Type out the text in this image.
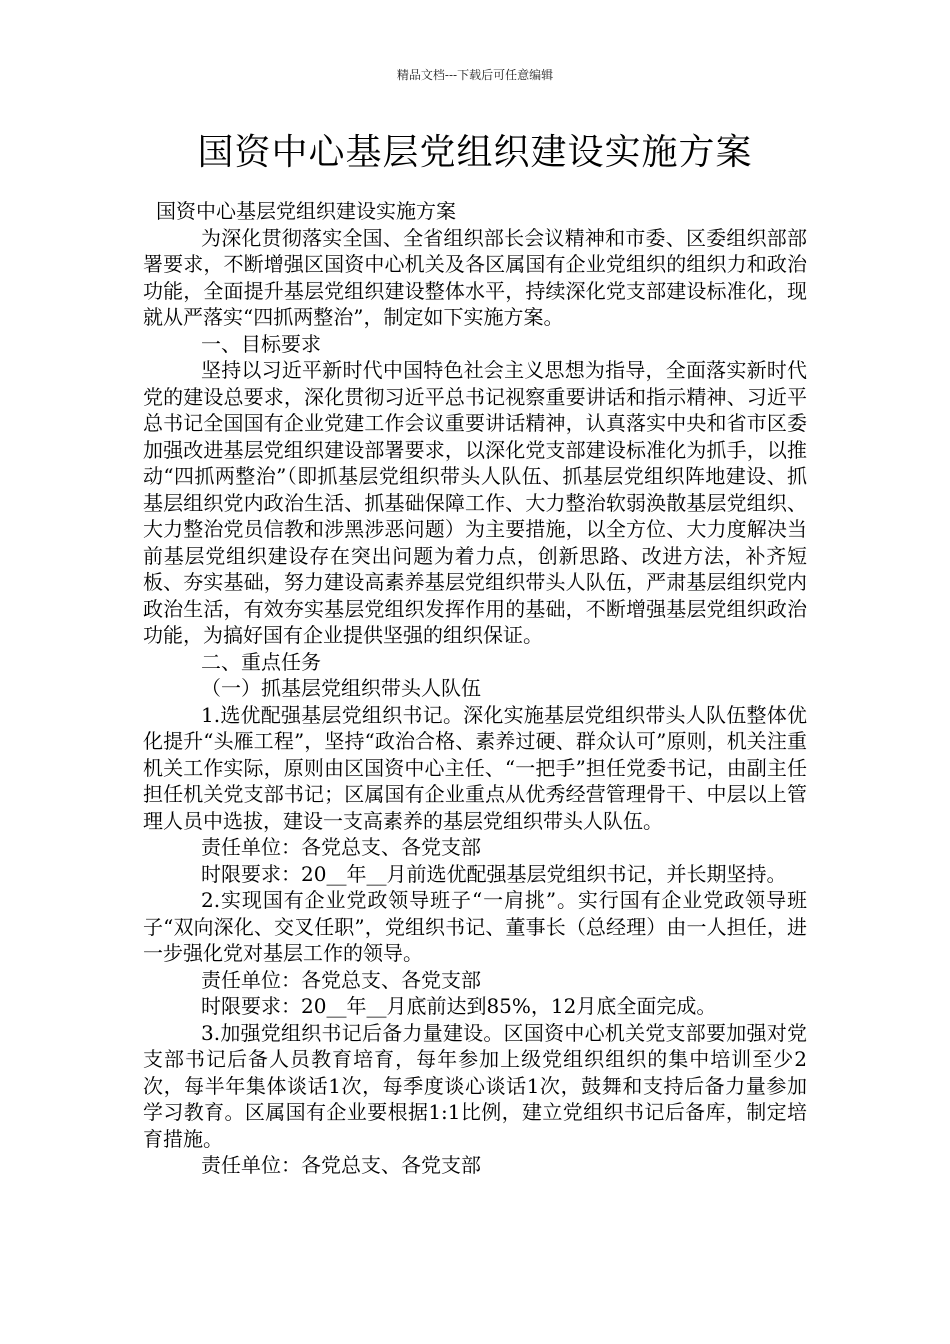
精品文档---下载后可任意编辑
国资中心基层党组织建设实施方案

国资中心基层党组织建设实施方案

为深化贯彻落实全国、全省组织部长会议精神和市委、区委组织部部署要求，不断增强区国资中心机关及各区属国有企业党组织的组织力和政治功能，全面提升基层党组织建设整体水平，持续深化党支部建设标准化，现就从严落实“四抓两整治”，制定如下实施方案。

一、目标要求

坚持以习近平新时代中国特色社会主义思想为指导，全面落实新时代党的建设总要求，深化贯彻习近平总书记视察重要讲话和指示精神、习近平总书记全国国有企业党建工作会议重要讲话精神，认真落实中央和省市区委加强改进基层党组织建设部署要求，以深化党支部建设标准化为抓手，以推动“四抓两整治”（即抓基层党组织带头人队伍、抓基层党组织阵地建设、抓基层组织党内政治生活、抓基础保障工作、大力整治软弱涣散基层党组织、大力整治党员信教和涉黑涉恶问题）为主要措施，以全方位、大力度解决当前基层党组织建设存在突出问题为着力点，创新思路、改进方法，补齐短板、夯实基础，努力建设高素养基层党组织带头人队伍，严肃基层组织党内政治生活，有效夯实基层党组织发挥作用的基础，不断增强基层党组织政治功能，为搞好国有企业提供坚强的组织保证。

二、重点任务

（一）抓基层党组织带头人队伍

1.选优配强基层党组织书记。深化实施基层党组织带头人队伍整体优化提升“头雁工程”，坚持“政治合格、素养过硬、群众认可”原则，机关注重机关工作实际，原则由区国资中心主任、“一把手”担任党委书记，由副主任担任机关党支部书记；区属国有企业重点从优秀经营管理骨干、中层以上管理人员中选拔，建设一支高素养的基层党组织带头人队伍。

责任单位：各党总支、各党支部

时限要求：20__年__月前选优配强基层党组织书记，并长期坚持。

2.实现国有企业党政领导班子“一肩挑”。实行国有企业党政领导班子“双向深化、交叉任职”，党组织书记、董事长（总经理）由一人担任，进一步强化党对基层工作的领导。

责任单位：各党总支、各党支部

时限要求：20__年__月底前达到85%，12月底全面完成。

3.加强党组织书记后备力量建设。区国资中心机关党支部要加强对党支部书记后备人员教育培育，每年参加上级党组织组织的集中培训至少2次，每半年集体谈话1次，每季度谈心谈话1次，鼓舞和支持后备力量参加学习教育。区属国有企业要根据1:1比例，建立党组织书记后备库，制定培育措施。

责任单位：各党总支、各党支部
